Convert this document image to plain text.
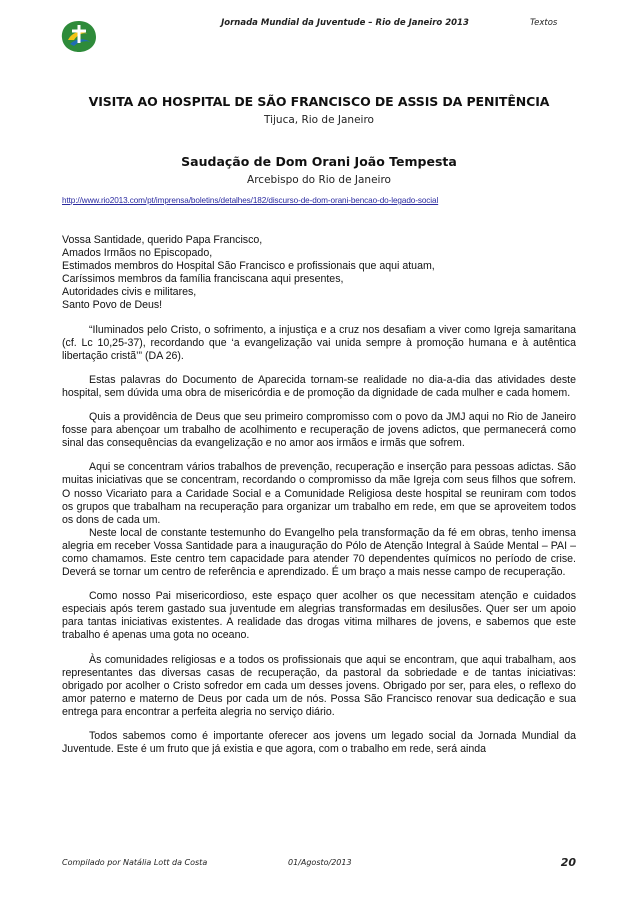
Jornada Mundial da Juventude – Rio de Janeiro 2013	Textos
VISITA AO HOSPITAL DE SÃO FRANCISCO DE ASSIS DA PENITÊNCIA
Tijuca, Rio de Janeiro
Saudação de Dom Orani João Tempesta
Arcebispo do Rio de Janeiro
http://www.rio2013.com/pt/imprensa/boletins/detalhes/182/discurso-de-dom-orani-bencao-do-legado-social
Vossa Santidade, querido Papa Francisco,
Amados Irmãos no Episcopado,
Estimados membros do Hospital São Francisco e profissionais que aqui atuam,
Caríssimos membros da família franciscana aqui presentes,
Autoridades civis e militares,
Santo Povo de Deus!

“Iluminados pelo Cristo, o sofrimento, a injustiça e a cruz nos desafiam a viver como Igreja samaritana (cf. Lc 10,25-37), recordando que ‘a evangelização vai unida sempre à promoção humana e à autêntica libertação cristã’” (DA 26).

Estas palavras do Documento de Aparecida tornam-se realidade no dia-a-dia das atividades deste hospital, sem dúvida uma obra de misericórdia e de promoção da dignidade de cada mulher e cada homem.

Quis a providência de Deus que seu primeiro compromisso com o povo da JMJ aqui no Rio de Janeiro fosse para abençoar um trabalho de acolhimento e recuperação de jovens adictos, que permanecerá como sinal das consequências da evangelização e no amor aos irmãos e irmãs que sofrem.

Aqui se concentram vários trabalhos de prevenção, recuperação e inserção para pessoas adictas. São muitas iniciativas que se concentram, recordando o compromisso da mãe Igreja com seus filhos que sofrem. O nosso Vicariato para a Caridade Social e a Comunidade Religiosa deste hospital se reuniram com todos os grupos que trabalham na recuperação para organizar um trabalho em rede, em que se aproveitem todos os dons de cada um.

Neste local de constante testemunho do Evangelho pela transformação da fé em obras, tenho imensa alegria em receber Vossa Santidade para a inauguração do Pólo de Atenção Integral à Saúde Mental – PAI – como chamamos. Este centro tem capacidade para atender 70 dependentes químicos no período de crise. Deverá se tornar um centro de referência e aprendizado. É um braço a mais nesse campo de recuperação.

Como nosso Pai misericordioso, este espaço quer acolher os que necessitam atenção e cuidados especiais após terem gastado sua juventude em alegrias transformadas em desilusões. Quer ser um apoio para tantas iniciativas existentes. A realidade das drogas vitima milhares de jovens, e sabemos que este trabalho é apenas uma gota no oceano.

Às comunidades religiosas e a todos os profissionais que aqui se encontram, que aqui trabalham, aos representantes das diversas casas de recuperação, da pastoral da sobriedade e de tantas iniciativas: obrigado por acolher o Cristo sofredor em cada um desses jovens. Obrigado por ser, para eles, o reflexo do amor paterno e materno de Deus por cada um de nós. Possa São Francisco renovar sua dedicação e sua entrega para encontrar a perfeita alegria no serviço diário.

Todos sabemos como é importante oferecer aos jovens um legado social da Jornada Mundial da Juventude. Este é um fruto que já existia e que agora, com o trabalho em rede, será ainda

Compilado por Natália Lott da Costa	01/Agosto/2013	20
